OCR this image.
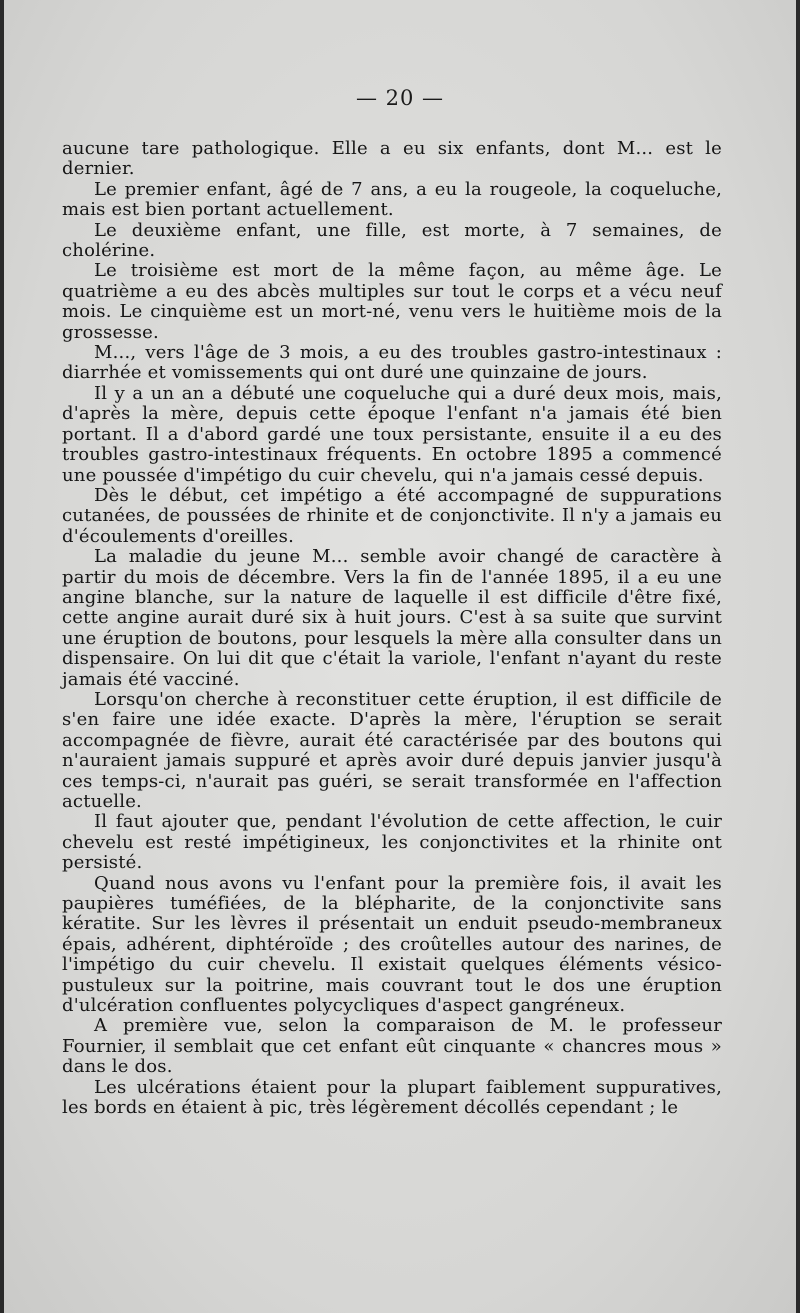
— 20 —

aucune tare pathologique. Elle a eu six enfants, dont M... est le dernier.

Le premier enfant, âgé de 7 ans, a eu la rougeole, la coqueluche, mais est bien portant actuellement.

Le deuxième enfant, une fille, est morte, à 7 semaines, de cholérine.

Le troisième est mort de la même façon, au même âge. Le quatrième a eu des abcès multiples sur tout le corps et a vécu neuf mois. Le cinquième est un mort-né, venu vers le huitième mois de la grossesse.

M..., vers l'âge de 3 mois, a eu des troubles gastro-intestinaux : diarrhée et vomissements qui ont duré une quinzaine de jours.

Il y a un an a débuté une coqueluche qui a duré deux mois, mais, d'après la mère, depuis cette époque l'enfant n'a jamais été bien portant. Il a d'abord gardé une toux persistante, ensuite il a eu des troubles gastro-intestinaux fréquents. En octobre 1895 a commencé une poussée d'impétigo du cuir chevelu, qui n'a jamais cessé depuis.

Dès le début, cet impétigo a été accompagné de suppurations cutanées, de poussées de rhinite et de conjonctivite. Il n'y a jamais eu d'écoulements d'oreilles.

La maladie du jeune M... semble avoir changé de caractère à partir du mois de décembre. Vers la fin de l'année 1895, il a eu une angine blanche, sur la nature de laquelle il est difficile d'être fixé, cette angine aurait duré six à huit jours. C'est à sa suite que survint une éruption de boutons, pour lesquels la mère alla consulter dans un dispensaire. On lui dit que c'était la variole, l'enfant n'ayant du reste jamais été vacciné.

Lorsqu'on cherche à reconstituer cette éruption, il est difficile de s'en faire une idée exacte. D'après la mère, l'éruption se serait accompagnée de fièvre, aurait été caractérisée par des boutons qui n'auraient jamais suppuré et après avoir duré depuis janvier jusqu'à ces temps-ci, n'aurait pas guéri, se serait transformée en l'affection actuelle.

Il faut ajouter que, pendant l'évolution de cette affection, le cuir chevelu est resté impétigineux, les conjonctivites et la rhinite ont persisté.

Quand nous avons vu l'enfant pour la première fois, il avait les paupières tuméfiées, de la blépharite, de la conjonctivite sans kératite. Sur les lèvres il présentait un enduit pseudo-membraneux épais, adhérent, diphtéroïde ; des croûtelles autour des narines, de l'impétigo du cuir chevelu. Il existait quelques éléments vésico-pustuleux sur la poitrine, mais couvrant tout le dos une éruption d'ulcération confluentes polycycliques d'aspect gangréneux.

A première vue, selon la comparaison de M. le professeur Fournier, il semblait que cet enfant eût cinquante « chancres mous » dans le dos.

Les ulcérations étaient pour la plupart faiblement suppuratives, les bords en étaient à pic, très légèrement décollés cependant ; le
